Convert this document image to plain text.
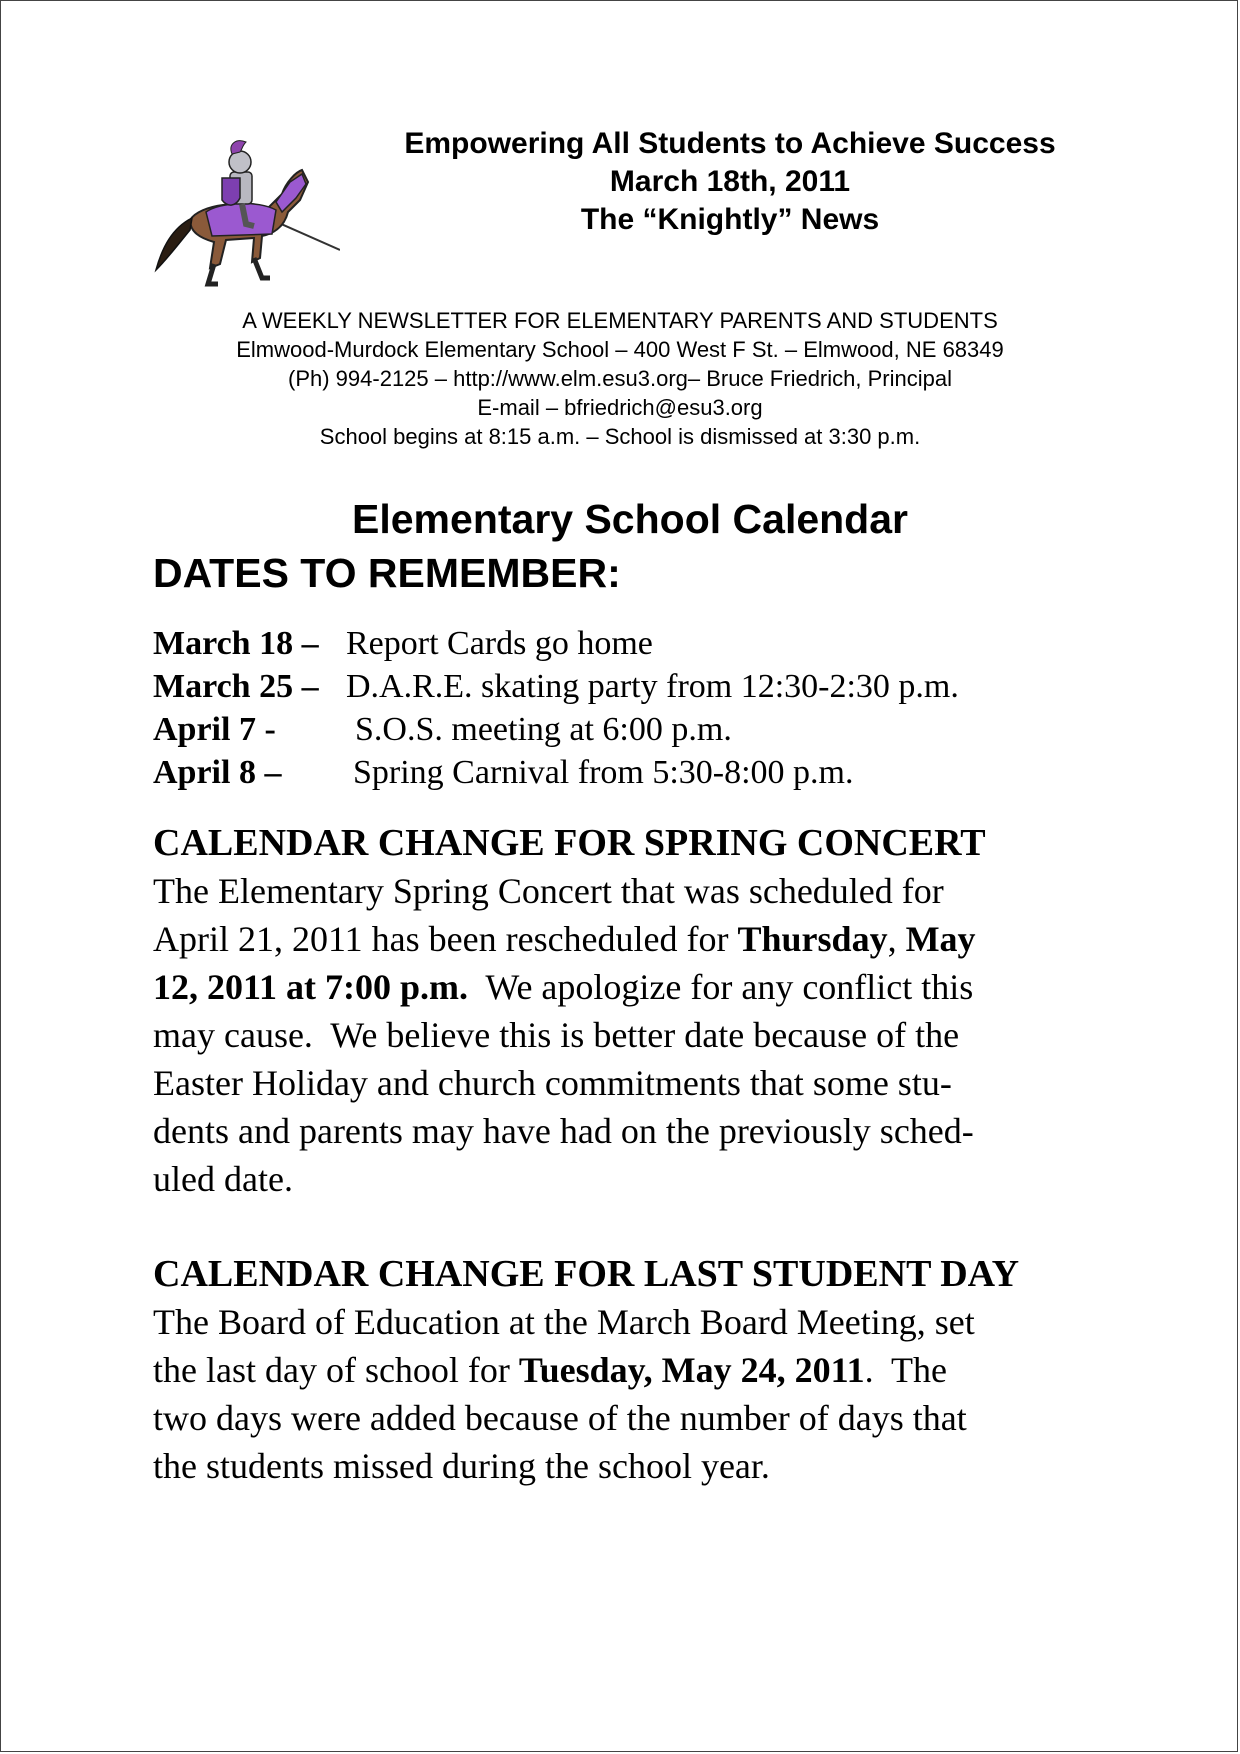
Empowering All Students to Achieve Success
March 18th, 2011
The “Knightly” News
A WEEKLY NEWSLETTER FOR ELEMENTARY PARENTS AND STUDENTS
Elmwood-Murdock Elementary School – 400 West F St. – Elmwood, NE 68349
(Ph) 994-2125 – http://www.elm.esu3.org– Bruce Friedrich, Principal
E-mail – bfriedrich@esu3.org
School begins at 8:15 a.m. – School is dismissed at 3:30 p.m.
Elementary School Calendar
DATES TO REMEMBER:
March 18 – Report Cards go home
March 25 – D.A.R.E. skating party from 12:30-2:30 p.m.
April 7 - S.O.S. meeting at 6:00 p.m.
April 8 – Spring Carnival from 5:30-8:00 p.m.
CALENDAR CHANGE FOR SPRING CONCERT
The Elementary Spring Concert that was scheduled for
April 21, 2011 has been rescheduled for Thursday, May
12, 2011 at 7:00 p.m.  We apologize for any conflict this
may cause.  We believe this is better date because of the
Easter Holiday and church commitments that some stu-
dents and parents may have had on the previously sched-
uled date.
CALENDAR CHANGE FOR LAST STUDENT DAY
The Board of Education at the March Board Meeting, set
the last day of school for Tuesday, May 24, 2011.  The
two days were added because of the number of days that
the students missed during the school year.
